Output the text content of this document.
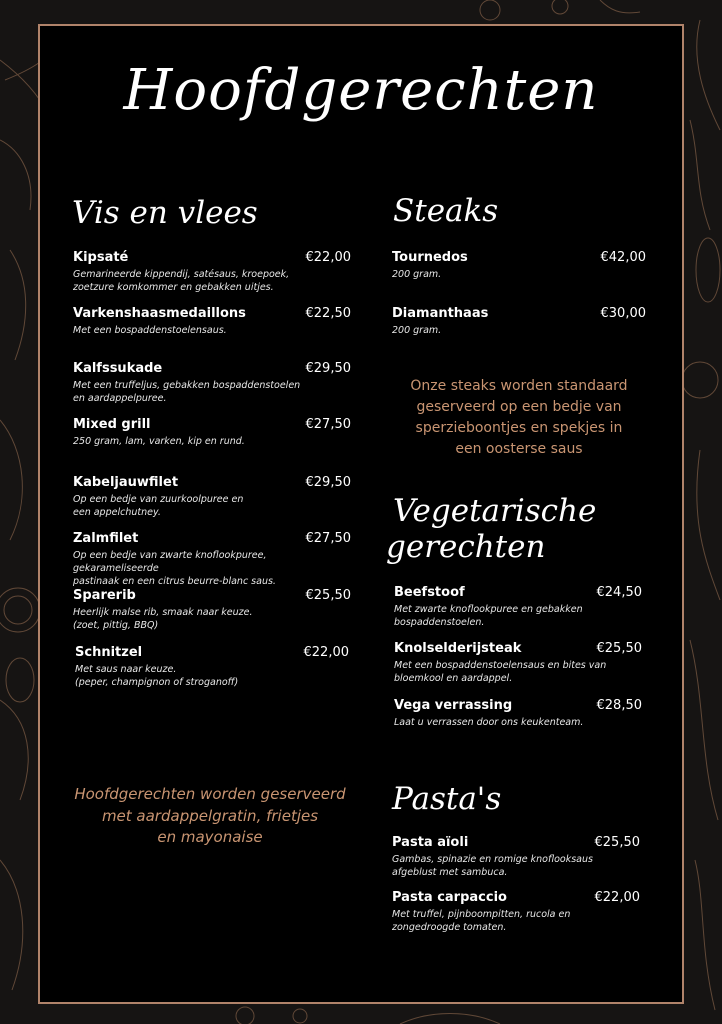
Hoofdgerechten
Vis en vlees
Kipsaté	€22,00
Gemarineerde kippendij, satésaus, kroepoek,
zoetzure komkommer en gebakken uitjes.
Varkenshaasmedaillons	€22,50
Met een bospaddenstoelensaus.
Kalfssukade	€29,50
Met een truffeljus, gebakken bospaddenstoelen
en aardappelpuree.
Mixed grill	€27,50
250 gram, lam, varken, kip en rund.
Kabeljauwfilet	€29,50
Op een bedje van zuurkoolpuree en
een appelchutney.
Zalmfilet	€27,50
Op een bedje van zwarte knoflookpuree, gekarameliseerde
pastinaak en een citrus beurre-blanc saus.
Sparerib	€25,50
Heerlijk malse rib, smaak naar keuze.
(zoet, pittig, BBQ)
Schnitzel	€22,00
Met saus naar keuze.
(peper, champignon of stroganoff)
Hoofdgerechten worden geserveerd
met aardappelgratin, frietjes
en mayonaise
Steaks
Tournedos	€42,00
200 gram.
Diamanthaas	€30,00
200 gram.
Onze steaks worden standaard
geserveerd op een bedje van
sperzieboontjes en spekjes in
een oosterse saus
Vegetarische
gerechten
Beefstoof	€24,50
Met zwarte knoflookpuree en gebakken
bospaddenstoelen.
Knolselderijsteak	€25,50
Met een bospaddenstoelensaus en bites van
bloemkool en aardappel.
Vega verrassing	€28,50
Laat u verrassen door ons keukenteam.
Pasta's
Pasta aïoli	€25,50
Gambas, spinazie en romige knoflooksaus
afgeblust met sambuca.
Pasta carpaccio	€22,00
Met truffel, pijnboompitten, rucola en
zongedroogde tomaten.
